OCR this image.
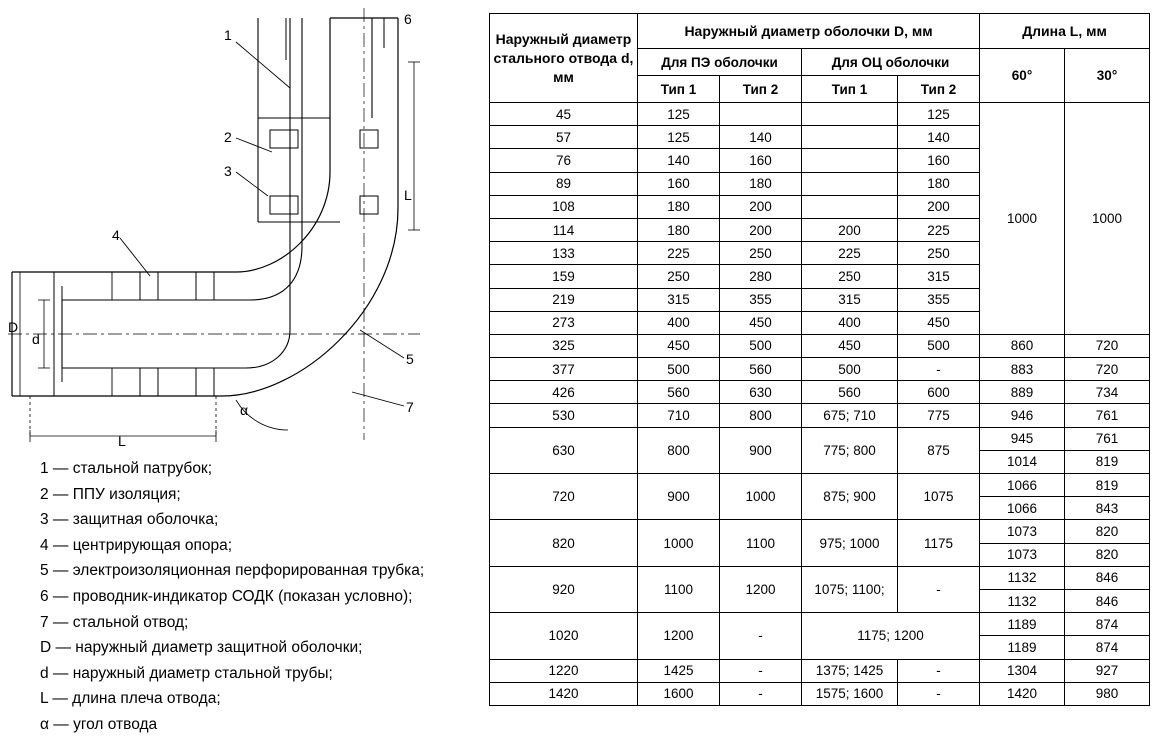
1
2
3
4
5
6
7
D
d
L
L
α
1 — стальной патрубок;
2 — ППУ изоляция;
3 — защитная оболочка;
4 — центрирующая опора;
5 — электроизоляционная перфорированная трубка;
6 — проводник-индикатор СОДК (показан условно);
7 — стальной отвод;
D — наружный диаметр защитной оболочки;
d — наружный диаметр стальной трубы;
L — длина плеча отвода;
α — угол отвода
Наружный диаметр стального отвода d, мм	Наружный диаметр оболочки D, мм				Длина L, мм	
	Для ПЭ оболочки		Для ОЦ оболочки		60°	30°
	Тип 1	Тип 2	Тип 1	Тип 2		
45	125			125	1000	1000
57	125	140		140		
76	140	160		160		
89	160	180		180		
108	180	200		200		
114	180	200	200	225		
133	225	250	225	250		
159	250	280	250	315		
219	315	355	315	355		
273	400	450	400	450		
325	450	500	450	500	860	720
377	500	560	500	-	883	720
426	560	630	560	600	889	734
530	710	800	675; 710	775	946	761
630	800	900	775; 800	875	945	761
					1014	819
720	900	1000	875; 900	1075	1066	819
					1066	843
820	1000	1100	975; 1000	1175	1073	820
					1073	820
920	1100	1200	1075; 1100;	-	1132	846
					1132	846
1020	1200	-	1175; 1200		1189	874
					1189	874
1220	1425	-	1375; 1425	-	1304	927
1420	1600	-	1575; 1600	-	1420	980
